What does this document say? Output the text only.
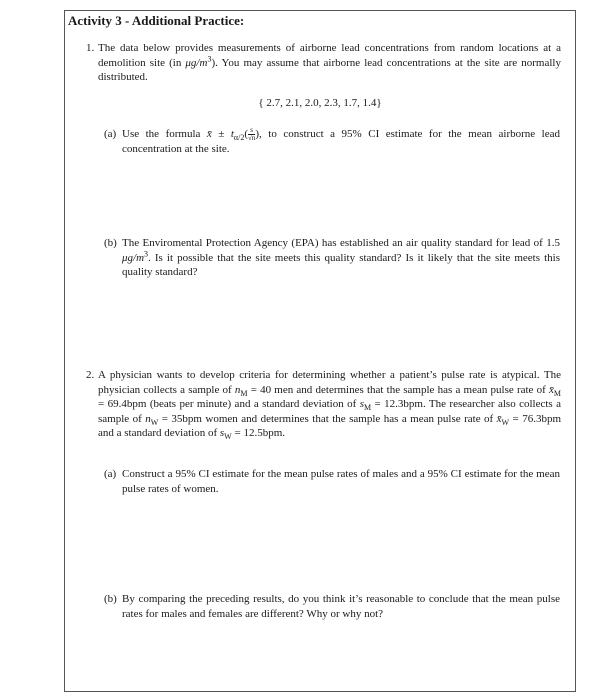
Activity 3 - Additional Practice:
1. The data below provides measurements of airborne lead concentrations from random locations at a demolition site (in $\mu g/m^3$). You may assume that airborne lead concentrations at the site are normally distributed.
{ 2.7, 2.1, 2.0, 2.3, 1.7, 1.4}
(a) Use the formula x̄ ± $t_{\alpha/2}( \frac{s}{√n}$ ), to construct a 95% CI estimate for the mean airborne lead concentration at the site.
(b) The Enviromental Protection Agency (EPA) has established an air quality standard for lead of 1.5 $\mu g/m^3$. Is it possible that the site meets this quality standard? Is it likely that the site meets this quality standard?
2. A physician wants to develop criteria for determining whether a patient’s pulse rate is atypical. The physician collects a sample of $n_M = 40$ men and determines that the sample has a mean pulse rate of $x̄_M = 69.4bpm$ (beats per minute) and a standard deviation of $s_M = 12.3bpm$. The researcher also collects a sample of $n_W = 35bpm$ women and determines that the sample has a mean pulse rate of $x̄_W = 76.3bpm$ and a standard deviation of $s_W = 12.5bpm$.
(a) Construct a 95% CI estimate for the mean pulse rates of males and a 95% CI estimate for the mean pulse rates of women.
(b) By comparing the preceding results, do you think it’s reasonable to conclude that the mean pulse rates for males and females are different? Why or why not?
